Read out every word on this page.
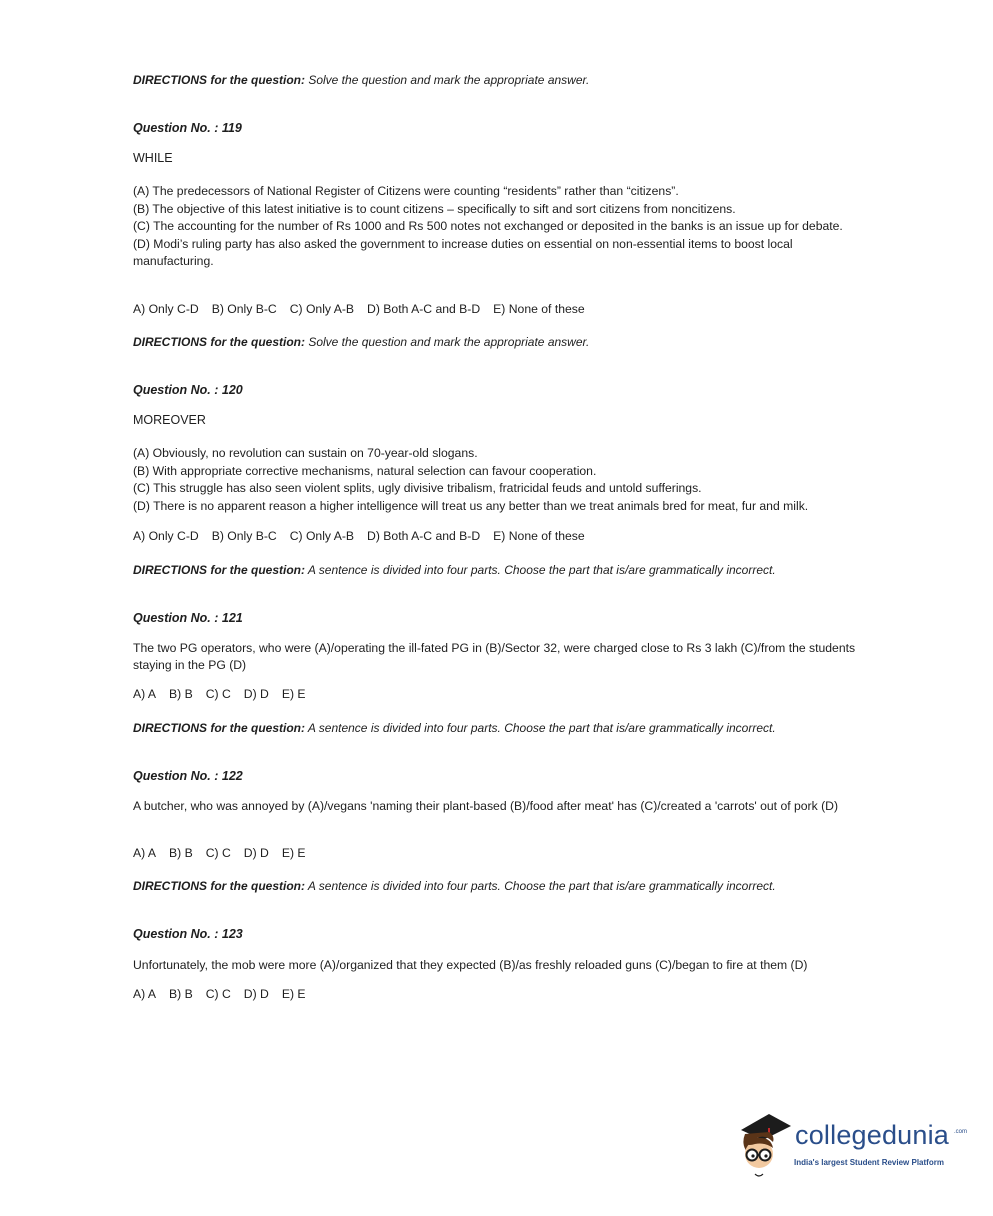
DIRECTIONS for the question: Solve the question and mark the appropriate answer.
Question No. : 119
WHILE
(A) The predecessors of National Register of Citizens were counting “residents” rather than “citizens”.
(B) The objective of this latest initiative is to count citizens – specifically to sift and sort citizens from noncitizens.
(C) The accounting for the number of Rs 1000 and Rs 500 notes not exchanged or deposited in the banks is an issue up for debate.
(D) Modi’s ruling party has also asked the government to increase duties on essential on non-essential items to boost local manufacturing.
A) Only C-D B) Only B-C C) Only A-B D) Both A-C and B-D E) None of these
DIRECTIONS for the question: Solve the question and mark the appropriate answer.
Question No. : 120
MOREOVER
(A) Obviously, no revolution can sustain on 70-year-old slogans.
(B) With appropriate corrective mechanisms, natural selection can favour cooperation.
(C) This struggle has also seen violent splits, ugly divisive tribalism, fratricidal feuds and untold sufferings.
(D) There is no apparent reason a higher intelligence will treat us any better than we treat animals bred for meat, fur and milk.
A) Only C-D B) Only B-C C) Only A-B D) Both A-C and B-D E) None of these
DIRECTIONS for the question: A sentence is divided into four parts. Choose the part that is/are grammatically incorrect.
Question No. : 121
The two PG operators, who were (A)/operating the ill-fated PG in (B)/Sector 32, were charged close to Rs 3 lakh (C)/from the students staying in the PG (D)
A) A B) B C) C D) D E) E
DIRECTIONS for the question: A sentence is divided into four parts. Choose the part that is/are grammatically incorrect.
Question No. : 122
A butcher, who was annoyed by (A)/vegans 'naming their plant-based (B)/food after meat' has (C)/created a 'carrots' out of pork (D)
A) A B) B C) C D) D E) E
DIRECTIONS for the question: A sentence is divided into four parts. Choose the part that is/are grammatically incorrect.
Question No. : 123
Unfortunately, the mob were more (A)/organized that they expected (B)/as freshly reloaded guns (C)/began to fire at them (D)
A) A B) B C) C D) D E) E
collegedunia .com
India's largest Student Review Platform
